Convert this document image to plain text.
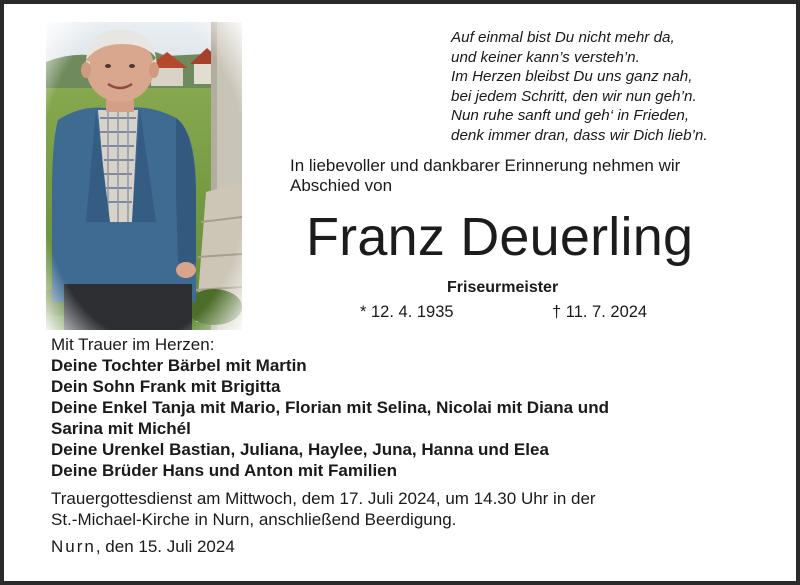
Auf einmal bist Du nicht mehr da,
und keiner kann’s versteh’n.
Im Herzen bleibst Du uns ganz nah,
bei jedem Schritt, den wir nun geh’n.
Nun ruhe sanft und geh‘ in Frieden,
denk immer dran, dass wir Dich lieb’n.
In liebevoller und dankbarer Erinnerung nehmen wir
Abschied von
Franz Deuerling
Friseurmeister
* 12. 4. 1935	† 11. 7. 2024
Mit Trauer im Herzen:
Deine Tochter Bärbel mit Martin
Dein Sohn Frank mit Brigitta
Deine Enkel Tanja mit Mario, Florian mit Selina, Nicolai mit Diana und
Sarina mit Michél
Deine Urenkel Bastian, Juliana, Haylee, Juna, Hanna und Elea
Deine Brüder Hans und Anton mit Familien
Trauergottesdienst am Mittwoch, dem 17. Juli 2024, um 14.30 Uhr in der
St.-Michael-Kirche in Nurn, anschließend Beerdigung.
Nurn, den 15. Juli 2024
